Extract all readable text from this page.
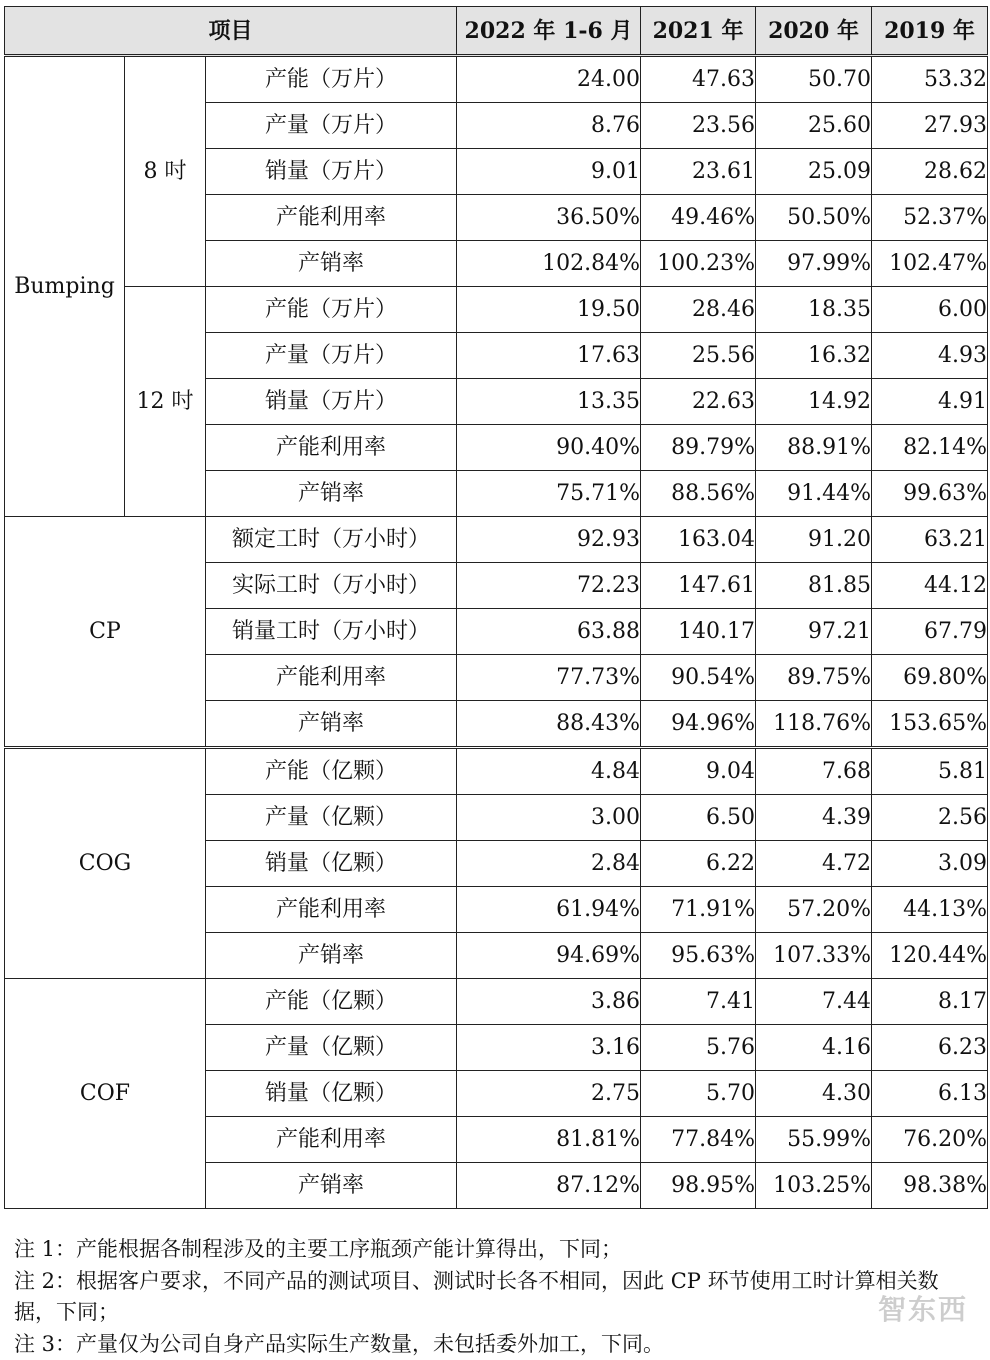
项目			2022 年 1-6 月	2021 年	2020 年	2019 年
Bumping	8 吋	产能（万片）	24.00	47.63	50.70	53.32
		产量（万片）	8.76	23.56	25.60	27.93
		销量（万片）	9.01	23.61	25.09	28.62
		产能利用率	36.50%	49.46%	50.50%	52.37%
		产销率	102.84%	100.23%	97.99%	102.47%
	12 吋	产能（万片）	19.50	28.46	18.35	6.00
		产量（万片）	17.63	25.56	16.32	4.93
		销量（万片）	13.35	22.63	14.92	4.91
		产能利用率	90.40%	89.79%	88.91%	82.14%
		产销率	75.71%	88.56%	91.44%	99.63%
CP		额定工时（万小时）	92.93	163.04	91.20	63.21
		实际工时（万小时）	72.23	147.61	81.85	44.12
		销量工时（万小时）	63.88	140.17	97.21	67.79
		产能利用率	77.73%	90.54%	89.75%	69.80%
		产销率	88.43%	94.96%	118.76%	153.65%
COG		产能（亿颗）	4.84	9.04	7.68	5.81
		产量（亿颗）	3.00	6.50	4.39	2.56
		销量（亿颗）	2.84	6.22	4.72	3.09
		产能利用率	61.94%	71.91%	57.20%	44.13%
		产销率	94.69%	95.63%	107.33%	120.44%
COF		产能（亿颗）	3.86	7.41	7.44	8.17
		产量（亿颗）	3.16	5.76	4.16	6.23
		销量（亿颗）	2.75	5.70	4.30	6.13
		产能利用率	81.81%	77.84%	55.99%	76.20%
		产销率	87.12%	98.95%	103.25%	98.38%

注 1：产能根据各制程涉及的主要工序瓶颈产能计算得出，下同；

注 2：根据客户要求，不同产品的测试项目、测试时长各不相同，因此 CP 环节使用工时计算相关数据，下同；

注 3：产量仅为公司自身产品实际生产数量，未包括委外加工，下同。

智东西
